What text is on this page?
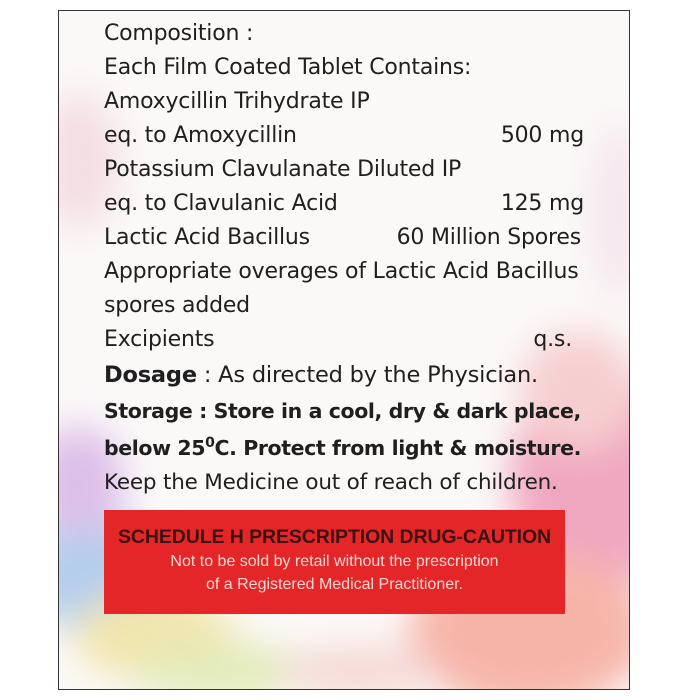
Composition :
Each Film Coated Tablet Contains:
Amoxycillin Trihydrate IP
eq. to Amoxycillin	500 mg
Potassium Clavulanate Diluted IP
eq. to Clavulanic Acid	125 mg
Lactic Acid Bacillus	60 Million Spores
Appropriate overages of Lactic Acid Bacillus
spores added
Excipients	q.s.
Dosage : As directed by the Physician.
Storage : Store in a cool, dry & dark place,
below $25^0C$. Protect from light & moisture.
Keep the Medicine out of reach of children.
SCHEDULE H PRESCRIPTION DRUG-CAUTION
Not to be sold by retail without the prescription
of a Registered Medical Practitioner.
